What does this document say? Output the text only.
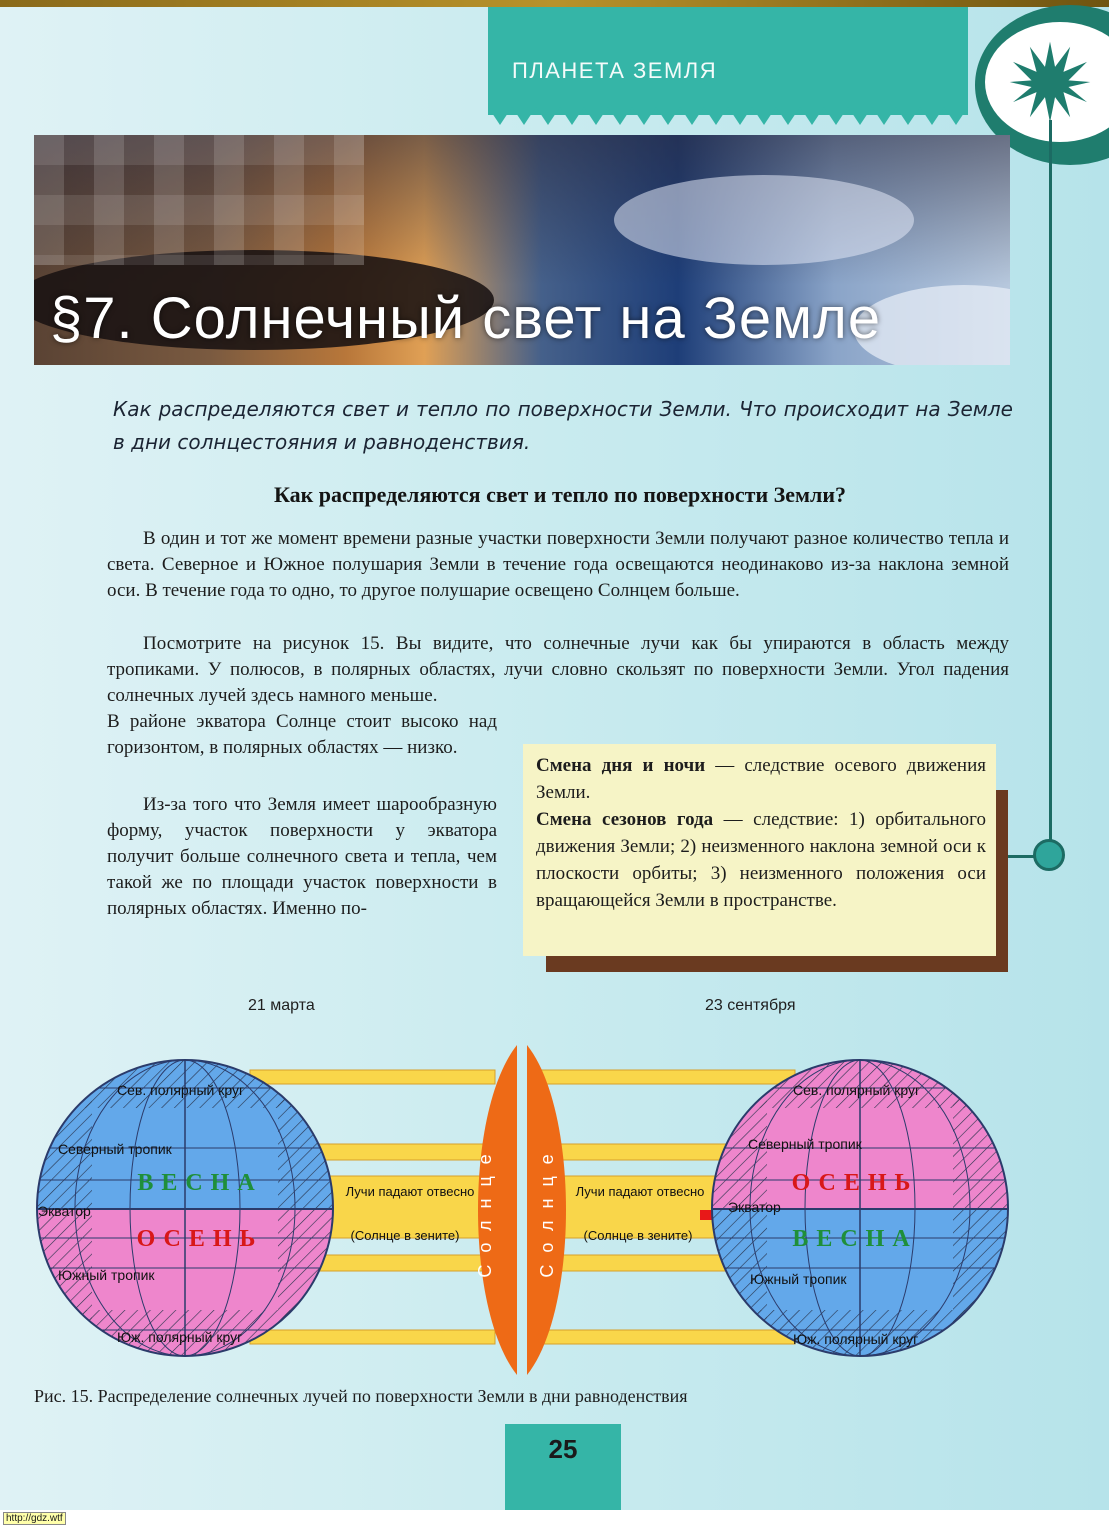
ПЛАНЕТА ЗЕМЛЯ
§7. Солнечный свет на Земле
Как распределяются свет и тепло по поверхности Земли. Что происходит на Земле в дни солнцестояния и равноденствия.
Как распределяются свет и тепло по поверхности Земли?
В один и тот же момент времени разные участки поверхности Земли получают разное количество тепла и света. Северное и Южное полушария Земли в течение года освещаются неодинаково из-за наклона земной оси. В течение года то одно, то другое полушарие освещено Солнцем больше.
Посмотрите на рисунок 15. Вы видите, что солнечные лучи как бы упираются в область между тропиками. У полюсов, в полярных областях, лучи словно скользят по поверхности Земли. Угол падения солнечных лучей здесь намного меньше.
В районе экватора Солнце стоит высоко над горизонтом, в полярных областях — низко.
Из-за того что Земля имеет шарообразную форму, участок поверхности у экватора получит больше солнечного света и тепла, чем такой же по площади участок поверхности в полярных областях. Именно по-
Смена дня и ночи — следствие осевого движения Земли.
Смена сезонов года — следствие: 1) орбитального движения Земли; 2) неизменного наклона земной оси к плоскости орбиты; 3) неизменного положения оси вращающейся Земли в пространстве.
21 марта	23 сентября
Лучи падают отвесно
(Солнце в зените)
Лучи падают отвесно
(Солнце в зените)
Солнце Солнце
Сев. полярный круг
Северный тропик
Экватор
Южный тропик
Юж. полярный круг
ВЕСНА
ОСЕНЬ
Сев. полярный круг
Северный тропик
Экватор
Южный тропик
Юж. полярный круг
ОСЕНЬ
ВЕСНА
Рис. 15. Распределение солнечных лучей по поверхности Земли в дни равноденствия
25
http://gdz.wtf
